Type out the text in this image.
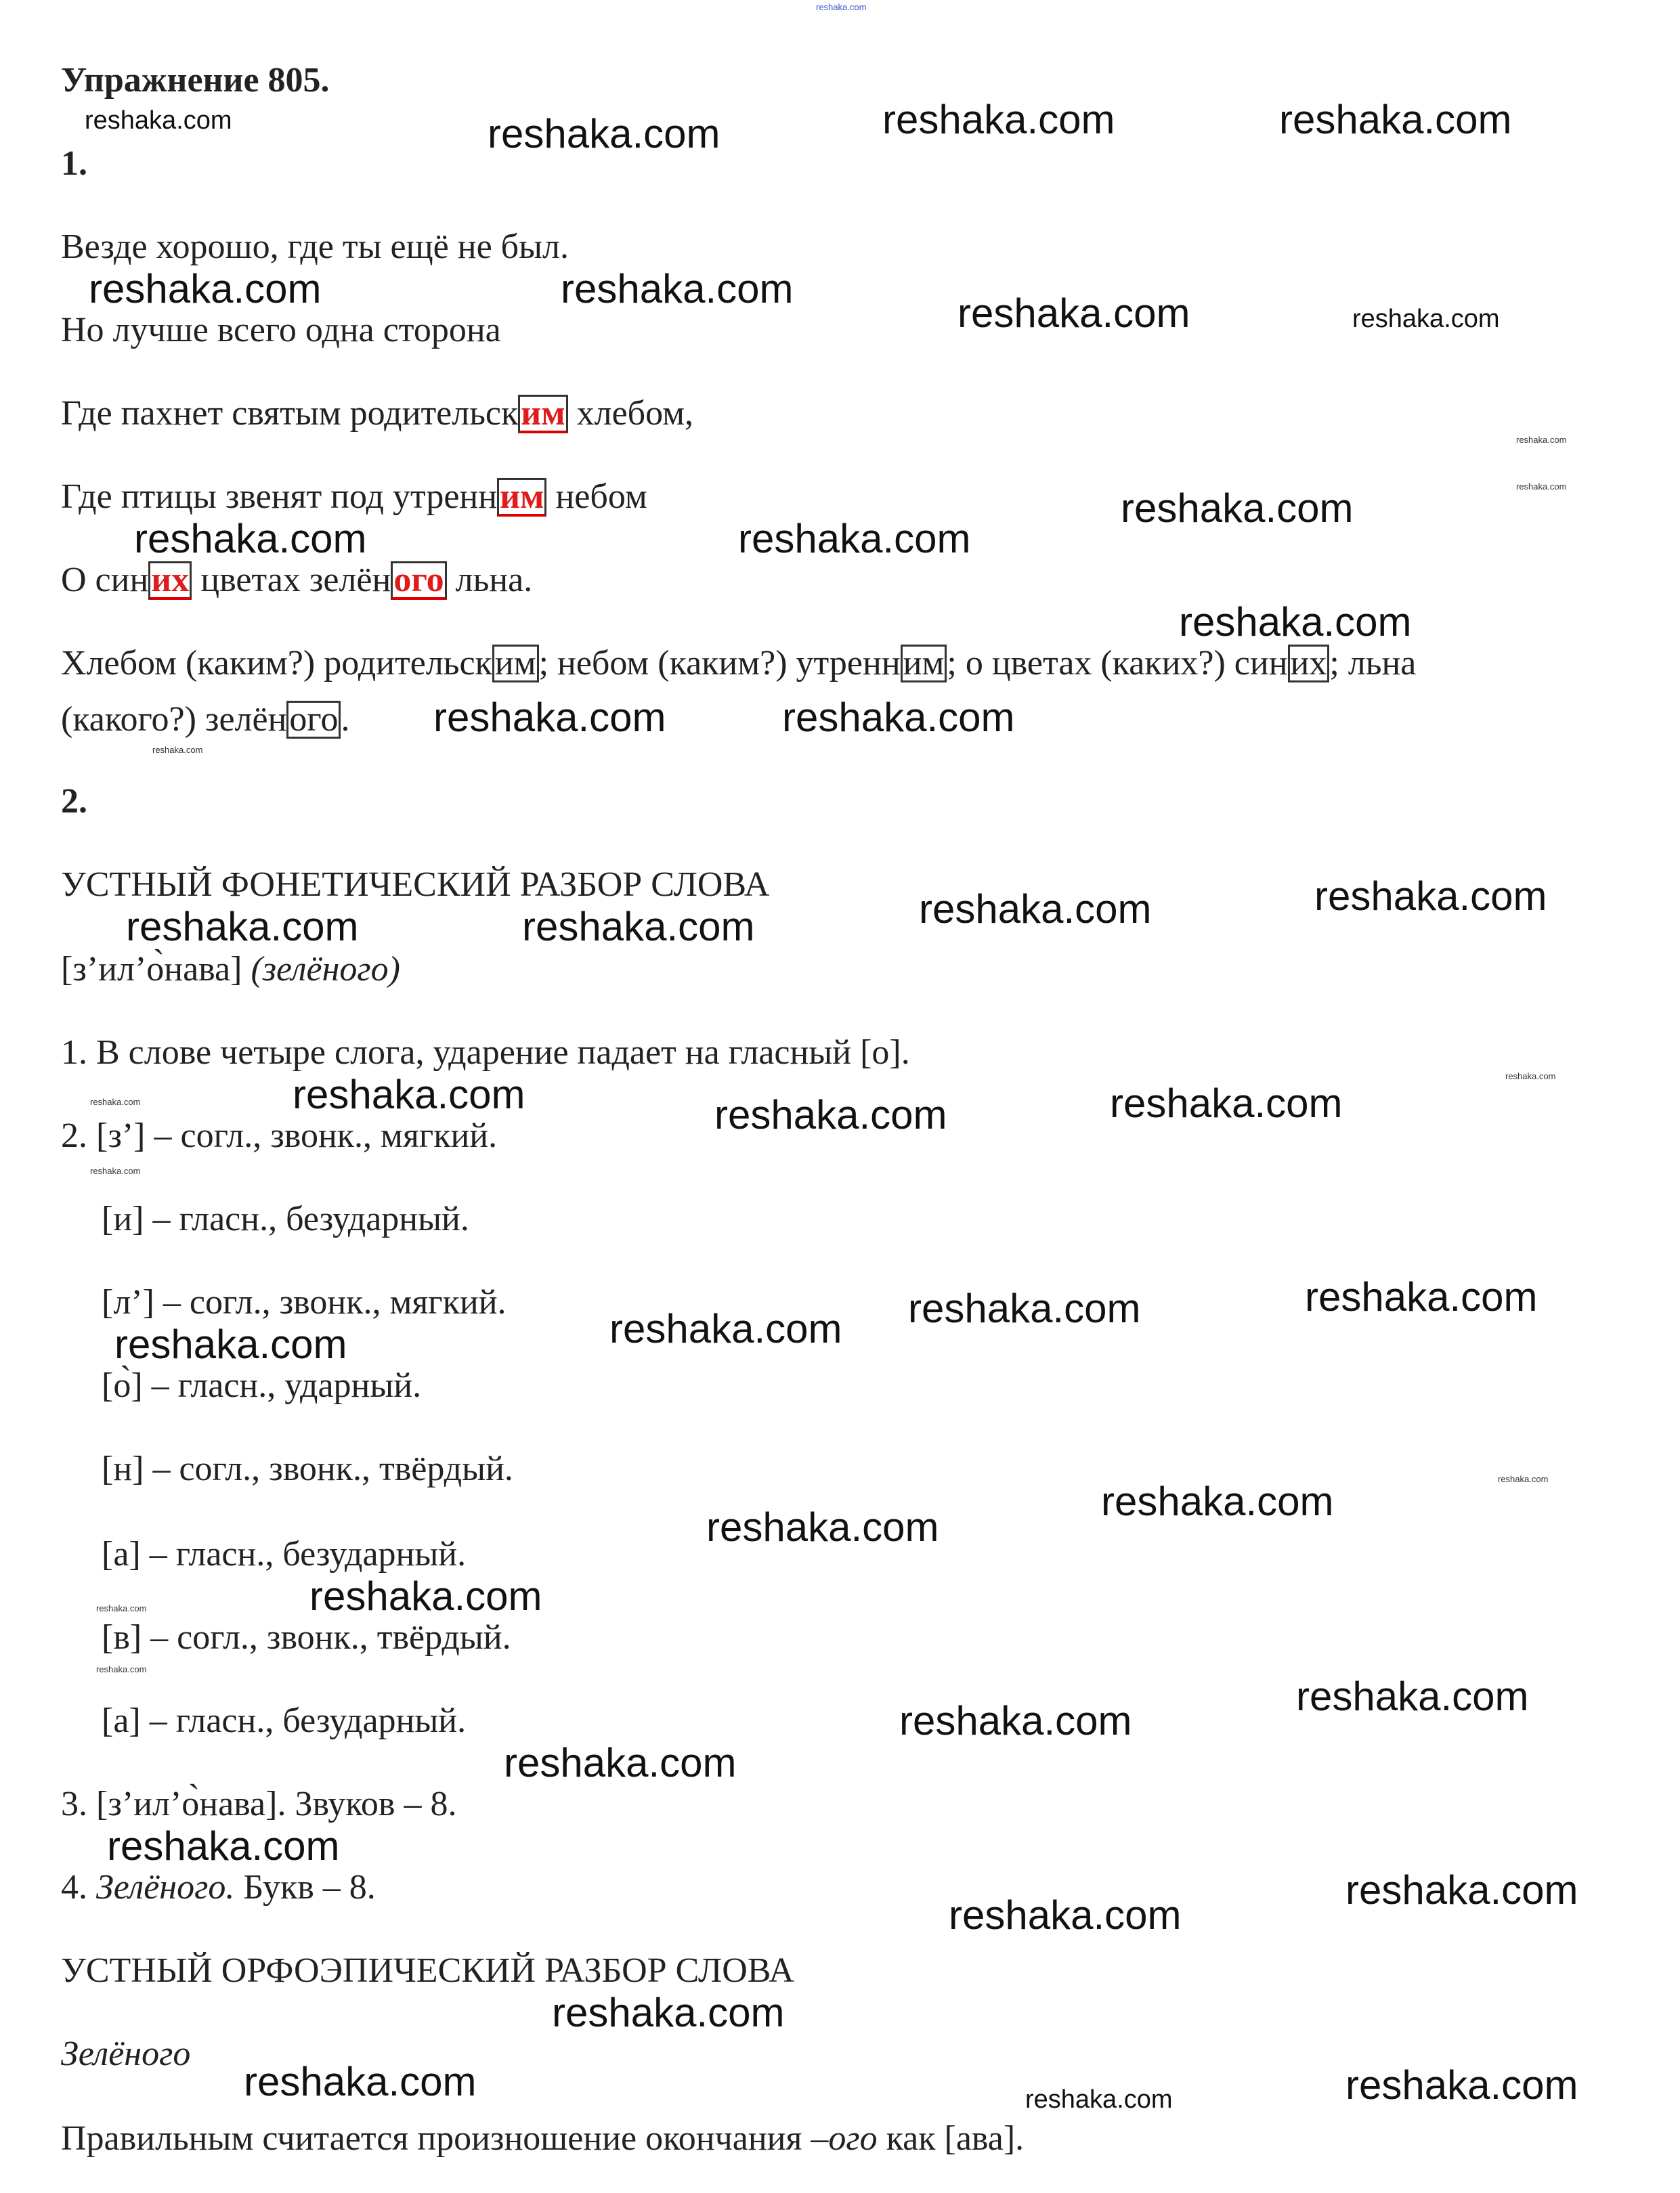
Упражнение 805.
1.
Везде хорошо, где ты ещё не был.
Но лучше всего одна сторона
Где пахнет святым родительским хлебом,
Где птицы звенят под утренним небом
О синих цветах зелёного льна.
Хлебом (каким?) родительским; небом (каким?) утренним; о цветах (каких?) синих; льна
(какого?) зелёного.
2.
УСТНЫЙ ФОНЕТИЧЕСКИЙ РАЗБОР СЛОВА
[з’ил’о̀нава] (зелёного)
1. В слове четыре слога, ударение падает на гласный [о].
2. [з’] – согл., звонк., мягкий.
[и] – гласн., безударный.
[л’] – согл., звонк., мягкий.
[о̀] – гласн., ударный.
[н] – согл., звонк., твёрдый.
[а] – гласн., безударный.
[в] – согл., звонк., твёрдый.
[а] – гласн., безударный.
3. [з’ил’о̀нава]. Звуков – 8.
4. Зелёного. Букв – 8.
УСТНЫЙ ОРФОЭПИЧЕСКИЙ РАЗБОР СЛОВА
Зелёного
Правильным считается произношение окончания –ого как [ава].
reshaka.com
reshaka.com	reshaka.com	reshaka.com	reshaka.com
reshaka.com	reshaka.com
reshaka.com	reshaka.com
reshaka.com
reshaka.com
reshaka.com	reshaka.com
reshaka.com
reshaka.com
reshaka.com	reshaka.com
reshaka.com
reshaka.com
reshaka.com	reshaka.com	reshaka.com
reshaka.com
reshaka.com
reshaka.com
reshaka.com	reshaka.com	reshaka.com
reshaka.com
reshaka.com reshaka.com
reshaka.com
reshaka.com
reshaka.com
reshaka.com
reshaka.com
reshaka.com
reshaka.com
reshaka.com
reshaka.com
reshaka.com
reshaka.com
reshaka.com
reshaka.com
reshaka.com
reshaka.com	reshaka.com
reshaka.com
